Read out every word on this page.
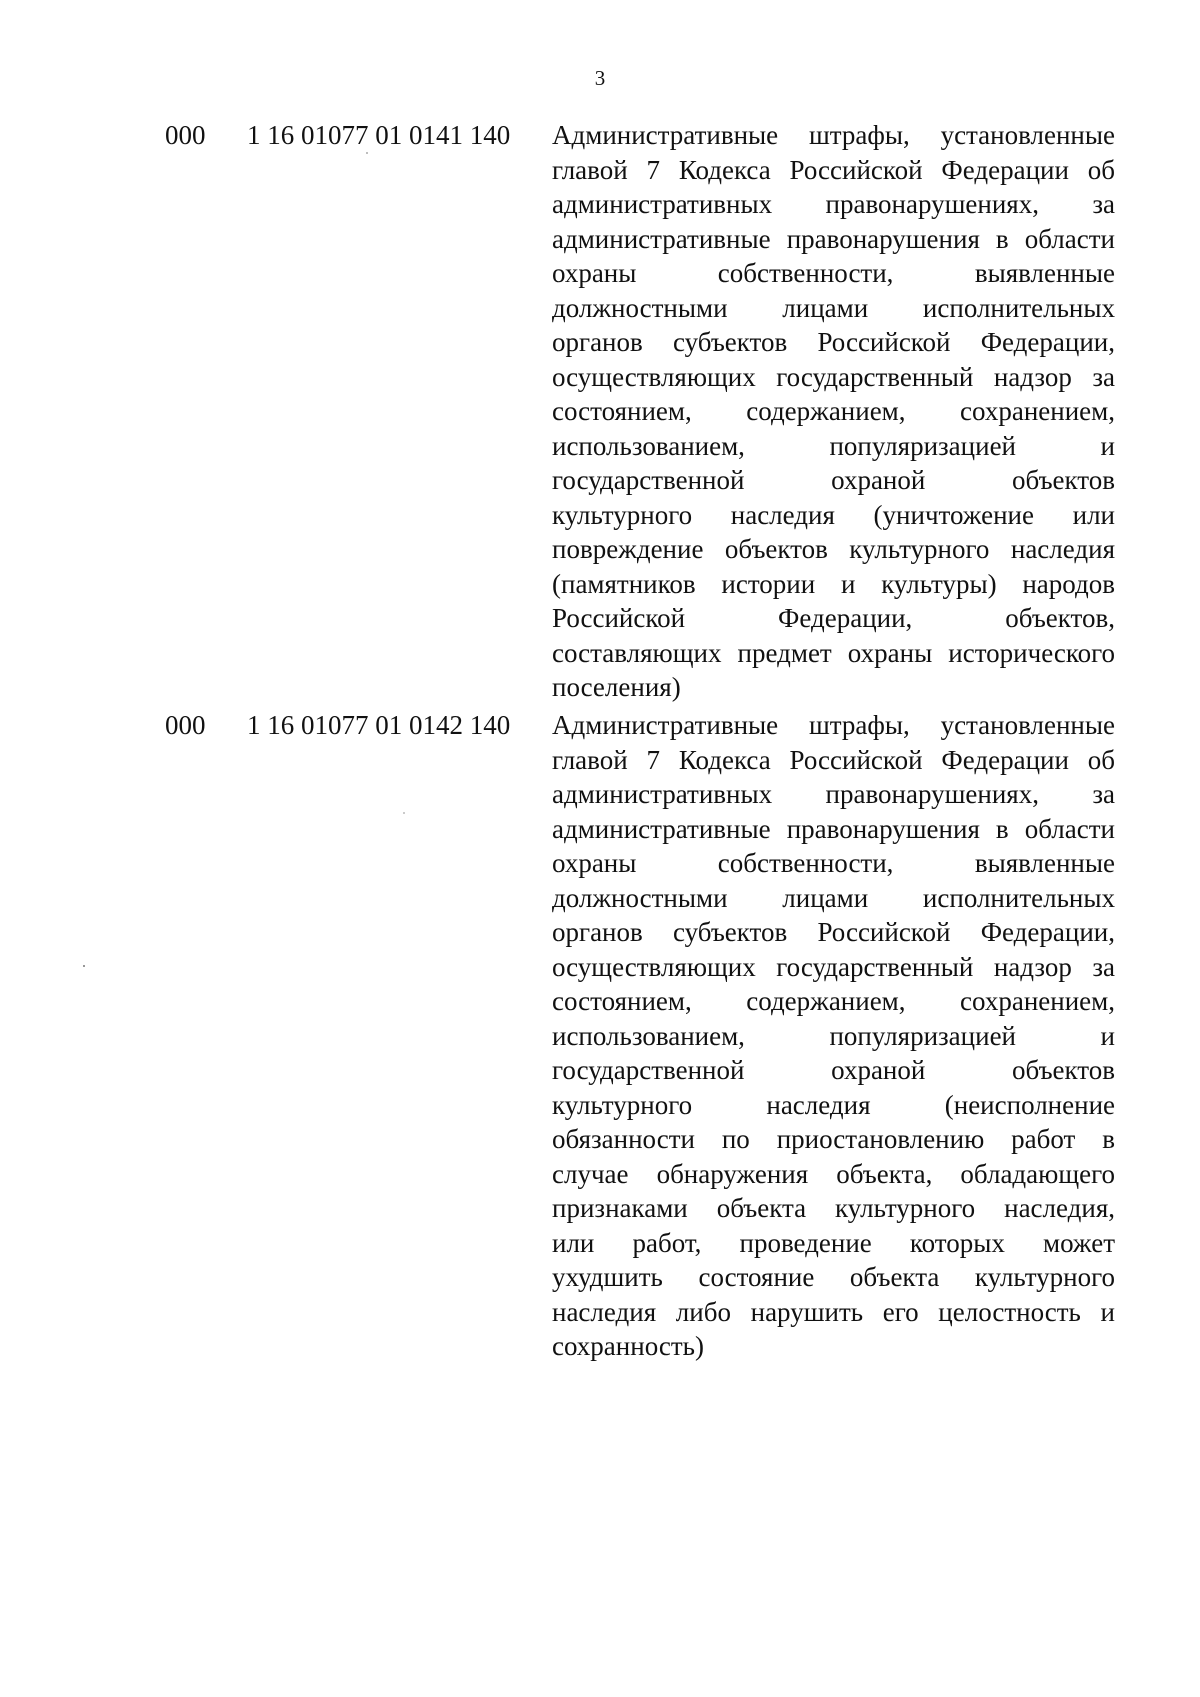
3
000 1 16 01077 01 0141 140 Административные штрафы, установленные
главой 7 Кодекса Российской Федерации об
административных правонарушениях, за
административные правонарушения в области
охраны собственности, выявленные
должностными лицами исполнительных
органов субъектов Российской Федерации,
осуществляющих государственный надзор за
состоянием, содержанием, сохранением,
использованием, популяризацией и
государственной охраной объектов
культурного наследия (уничтожение или
повреждение объектов культурного наследия
(памятников истории и культуры) народов
Российской Федерации, объектов,
составляющих предмет охраны исторического
поселения)
000 1 16 01077 01 0142 140 Административные штрафы, установленные
главой 7 Кодекса Российской Федерации об
административных правонарушениях, за
административные правонарушения в области
охраны собственности, выявленные
должностными лицами исполнительных
органов субъектов Российской Федерации,
осуществляющих государственный надзор за
состоянием, содержанием, сохранением,
использованием, популяризацией и
государственной охраной объектов
культурного наследия (неисполнение
обязанности по приостановлению работ в
случае обнаружения объекта, обладающего
признаками объекта культурного наследия,
или работ, проведение которых может
ухудшить состояние объекта культурного
наследия либо нарушить его целостность и
сохранность)
